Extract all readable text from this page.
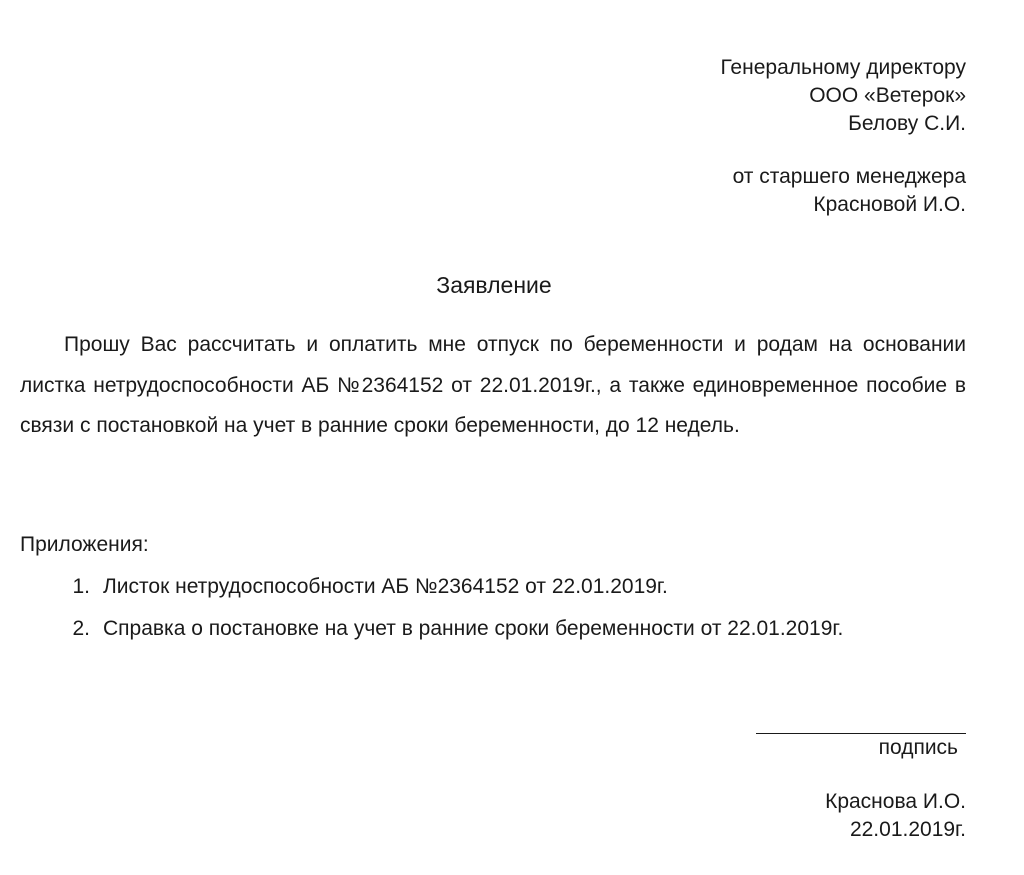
Генеральному директору
ООО «Ветерок»
Белову С.И.
от старшего менеджера
Красновой И.О.
Заявление
Прошу Вас рассчитать и оплатить мне отпуск по беременности и родам на основании листка нетрудоспособности АБ №2364152 от 22.01.2019г., а также единовременное пособие в связи с постановкой на учет в ранние сроки беременности, до 12 недель.
Приложения:
1. Листок нетрудоспособности АБ №2364152 от 22.01.2019г.
2. Справка о постановке на учет в ранние сроки беременности от 22.01.2019г.
подпись
Краснова И.О.
22.01.2019г.
